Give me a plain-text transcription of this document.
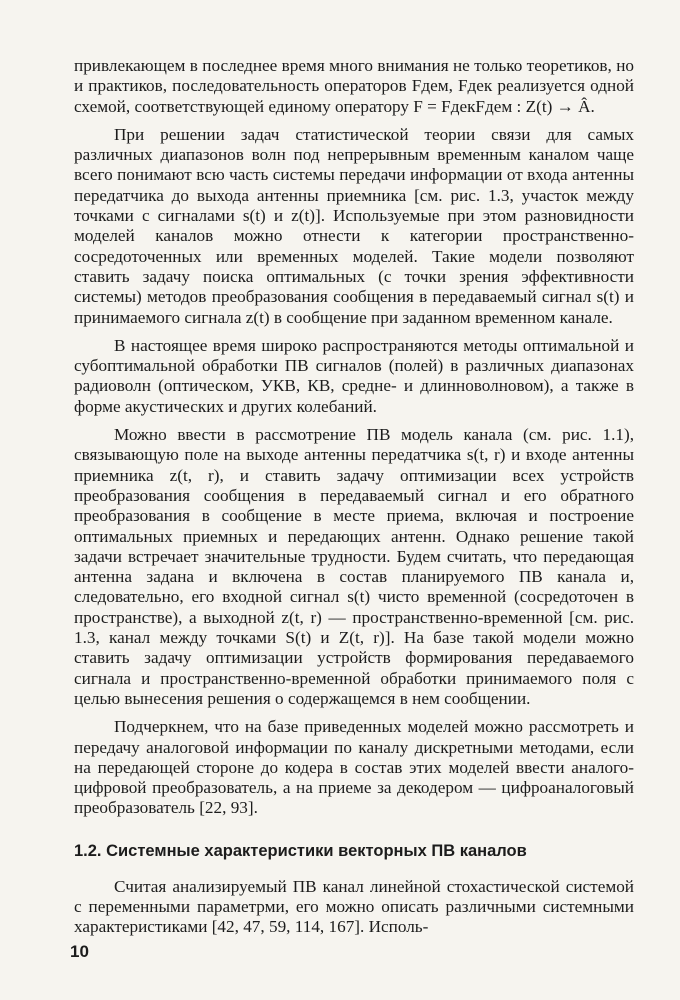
привлекающем в последнее время много внимания не только теоретиков, но и практиков, последовательность операторов Fдем, Fдек реализуется одной схемой, соответствующей единому оператору F = FдекFдем : Z(t) → Â.

При решении задач статистической теории связи для самых различных диапазонов волн под непрерывным временным каналом чаще всего понимают всю часть системы передачи информации от входа антенны передатчика до выхода антенны приемника [см. рис. 1.3, участок между точками с сигналами s(t) и z(t)]. Используемые при этом разновидности моделей каналов можно отнести к категории пространственно-сосредоточенных или временных моделей. Такие модели позволяют ставить задачу поиска оптимальных (с точки зрения эффективности системы) методов преобразования сообщения в передаваемый сигнал s(t) и принимаемого сигнала z(t) в сообщение при заданном временном канале.

В настоящее время широко распространяются методы оптимальной и субоптимальной обработки ПВ сигналов (полей) в различных диапазонах радиоволн (оптическом, УКВ, КВ, средне- и длинноволновом), а также в форме акустических и других колебаний.

Можно ввести в рассмотрение ПВ модель канала (см. рис. 1.1), связывающую поле на выходе антенны передатчика s(t, r) и входе антенны приемника z(t, r), и ставить задачу оптимизации всех устройств преобразования сообщения в передаваемый сигнал и его обратного преобразования в сообщение в месте приема, включая и построение оптимальных приемных и передающих антенн. Однако решение такой задачи встречает значительные трудности. Будем считать, что передающая антенна задана и включена в состав планируемого ПВ канала и, следовательно, его входной сигнал s(t) чисто временной (сосредоточен в пространстве), а выходной z(t, r) — пространственно-временной [см. рис. 1.3, канал между точками S(t) и Z(t, r)]. На базе такой модели можно ставить задачу оптимизации устройств формирования передаваемого сигнала и пространственно-временной обработки принимаемого поля с целью вынесения решения о содержащемся в нем сообщении.

Подчеркнем, что на базе приведенных моделей можно рассмотреть и передачу аналоговой информации по каналу дискретными методами, если на передающей стороне до кодера в состав этих моделей ввести аналого-цифровой преобразователь, а на приеме за декодером — цифроаналоговый преобразователь [22, 93].

1.2. Системные характеристики векторных ПВ каналов

Считая анализируемый ПВ канал линейной стохастической системой с переменными параметрми, его можно описать различными системными характеристиками [42, 47, 59, 114, 167]. Исполь-

10
